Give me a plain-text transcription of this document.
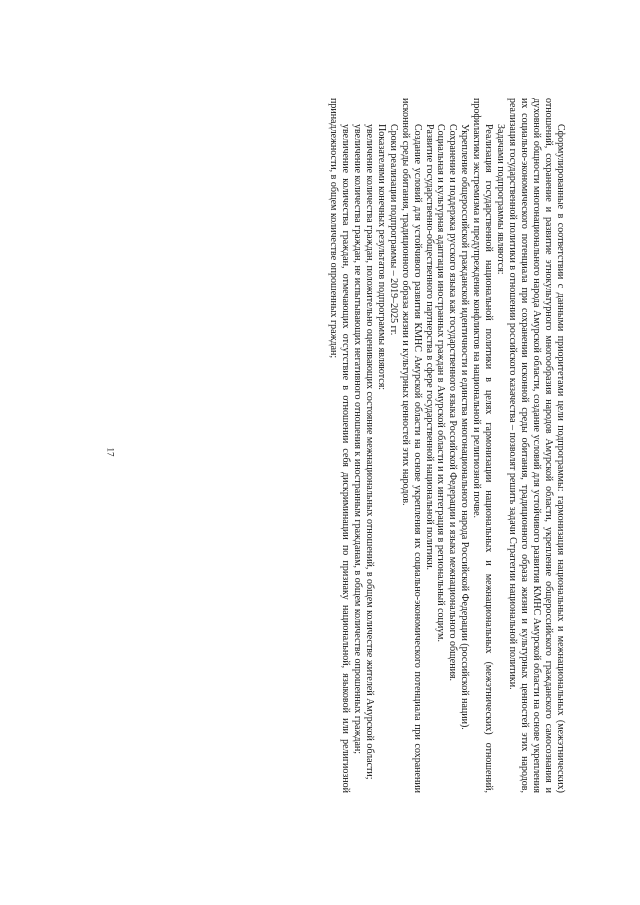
17	Сформулированные в соответствии с данными приоритетами цели подпрограммы: гармонизация национальных и межнациональных (межэтнических) отношений, сохранение и развитие этнокультурного многообразия народов Амурской области, укрепление общероссийского гражданского самосознания и духовной общности многонационального народа Амурской области, создание условий для устойчивого развития КМНС Амурской области на основе укрепления их социально-экономического потенциала при сохранении исконной среды обитания, традиционного образа жизни и культурных ценностей этих народов, реализация государственной политики в отношении российского казачества – позволят решить задачи Стратегии национальной политики.

Задачами подпрограммы являются:

Реализация государственной национальной политики в целях гармонизации национальных и межнациональных (межэтнических) отношений, профилактики экстремизма и предупреждение конфликтов на национальной и религиозной почве.

Укрепление общероссийской гражданской идентичности и единства многонационального народа Российской Федерации (российской нации).

Сохранение и поддержка русского языка как государственного языка Российской Федерации и языка межнационального общения.

Социальная и культурная адаптация иностранных граждан в Амурской области и их интеграция в региональный социум.

Развитие государственно-общественного партнерства в сфере государственной национальной политики.

Создание условий для устойчивого развития КМНС Амурской области на основе укрепления их социально-экономического потенциала при сохранении исконной среды обитания, традиционного образа жизни и культурных ценностей этих народов.

Сроки реализации подпрограммы – 2019–2025 гг.

Показателями конечных результатов подпрограммы являются:

увеличение количества граждан, положительно оценивающих состояние межнациональных отношений, в общем количестве жителей Амурской области;

увеличение количества граждан, не испытывающих негативного отношения к иностранным гражданам, в общем количестве опрошенных граждан;

увеличение количества граждан, отмечающих отсутствие в отношении себя дискриминации по признаку национальной, языковой или религиозной принадлежности, в общем количестве опрошенных граждан;
